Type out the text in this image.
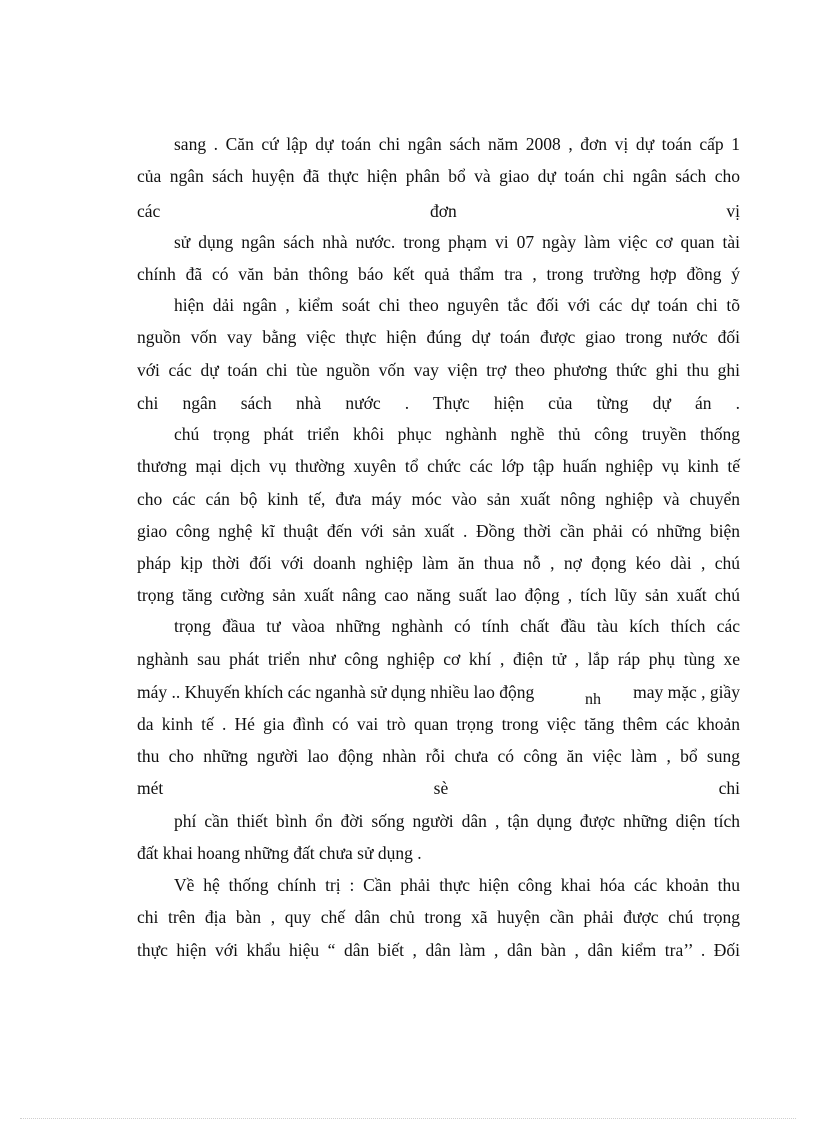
sang . Căn cứ lập dự toán chi ngân sách năm 2008 , đơn vị dự toán cấp 1
của ngân sách huyện đã thực hiện phân bổ và giao dự toán chi ngân sách cho
các	đơn	vị
sử dụng ngân sách nhà nước. trong phạm vi 07 ngày làm việc cơ quan tài
chính đã có văn bản thông báo kết quả thẩm tra , trong trường hợp đồng ý
hiện dải ngân , kiểm soát chi theo nguyên tắc đối với các dự toán chi tõ
nguồn vốn vay bằng việc thực hiện đúng dự toán được giao trong nước đối
với các dự toán chi tùe nguồn vốn vay viện trợ theo phương thức ghi thu ghi
chi ngân sách nhà nước . Thực hiện của từng dự án .
chú trọng phát triển khôi phục nghành nghề thủ công truyền thống
thương mại dịch vụ thường xuyên tổ chức các lớp tập huấn nghiệp vụ kinh tế
cho các cán bộ kinh tế, đưa máy móc vào sản xuất nông nghiệp và chuyển
giao công nghệ kĩ thuật đến với sản xuất . Đồng thời cần phải có những biện
pháp kịp thời đối với doanh nghiệp làm ăn thua nỗ , nợ đọng kéo dài , chú
trọng tăng cường sản xuất nâng cao năng suất lao động , tích lũy sản xuất chú
trọng đầua tư vàoa những nghành có tính chất đầu tàu kích thích các
nghành sau phát triển như công nghiệp cơ khí , điện tử , lắp ráp phụ tùng xe
máy .. Khuyến khích các nganhà sử dụng nhiều lao động	may mặc , giầy
nh
da kinh tế . Hé gia đình có vai trò quan trọng trong việc tăng thêm các khoản
thu cho những người lao động nhàn rỗi chưa có công ăn việc làm , bổ sung
mét	sè	chi
phí cần thiết bình ổn đời sống người dân , tận dụng được những diện tích
đất khai hoang những đất chưa sử dụng .
Về hệ thống chính trị : Cần phải thực hiện công khai hóa các khoản thu
chi trên địa bàn , quy chế dân chủ trong xã huyện cần phải được chú trọng
thực hiện với khẩu hiệu “ dân biết , dân làm , dân bàn , dân kiểm tra’’ . Đối
